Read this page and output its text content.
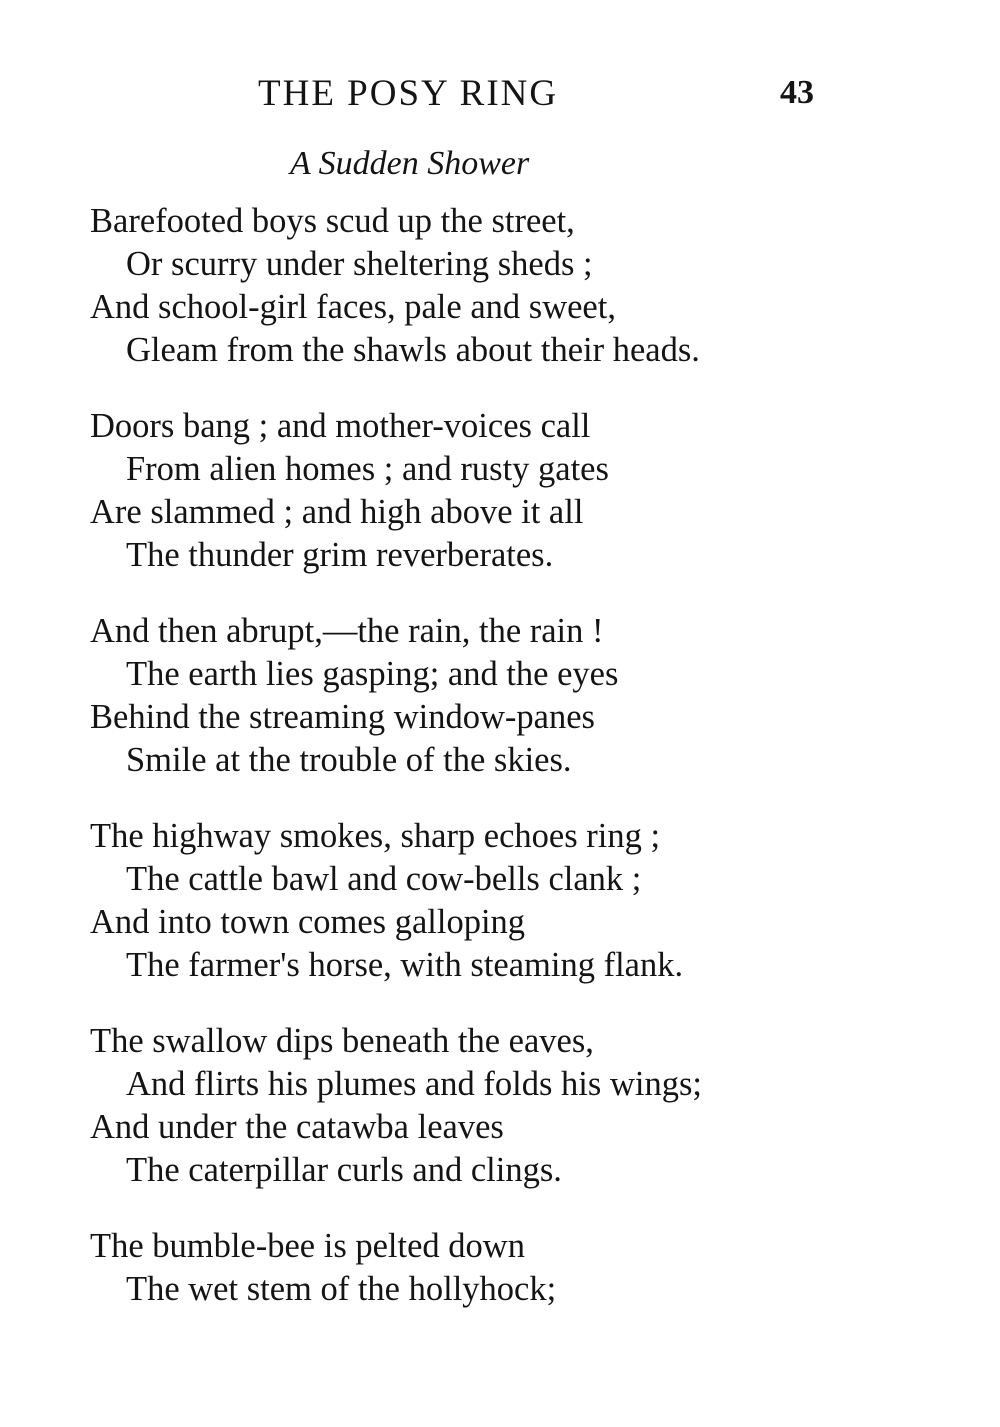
THE POSY RING	43
A Sudden Shower
Barefooted boys scud up the street,
Or scurry under sheltering sheds ;
And school-girl faces, pale and sweet,
Gleam from the shawls about their heads.
Doors bang ; and mother-voices call
From alien homes ; and rusty gates
Are slammed ; and high above it all
The thunder grim reverberates.
And then abrupt,—the rain, the rain !
The earth lies gasping; and the eyes
Behind the streaming window-panes
Smile at the trouble of the skies.
The highway smokes, sharp echoes ring ;
The cattle bawl and cow-bells clank ;
And into town comes galloping
The farmer's horse, with steaming flank.
The swallow dips beneath the eaves,
And flirts his plumes and folds his wings;
And under the catawba leaves
The caterpillar curls and clings.
The bumble-bee is pelted down
The wet stem of the hollyhock;
